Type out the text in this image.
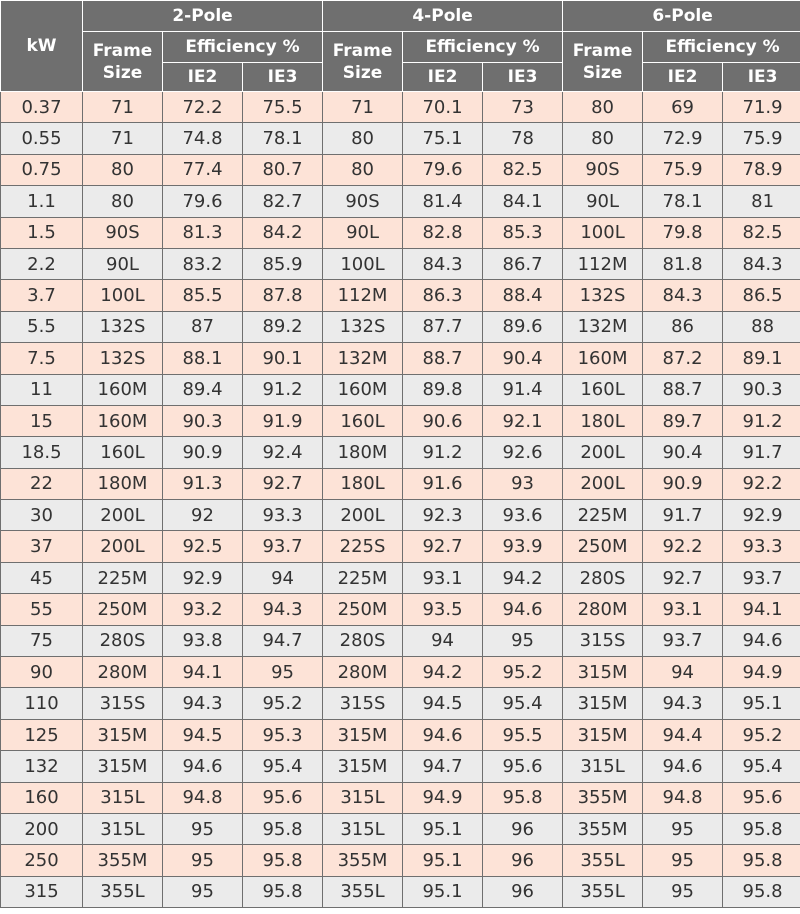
kW	2-Pole			4-Pole			6-Pole		
	Frame Size	Efficiency %		Frame Size	Efficiency %		Frame Size	Efficiency %	
		IE2	IE3		IE2	IE3		IE2	IE3
0.37	71	72.2	75.5	71	70.1	73	80	69	71.9
0.55	71	74.8	78.1	80	75.1	78	80	72.9	75.9
0.75	80	77.4	80.7	80	79.6	82.5	90S	75.9	78.9
1.1	80	79.6	82.7	90S	81.4	84.1	90L	78.1	81
1.5	90S	81.3	84.2	90L	82.8	85.3	100L	79.8	82.5
2.2	90L	83.2	85.9	100L	84.3	86.7	112M	81.8	84.3
3.7	100L	85.5	87.8	112M	86.3	88.4	132S	84.3	86.5
5.5	132S	87	89.2	132S	87.7	89.6	132M	86	88
7.5	132S	88.1	90.1	132M	88.7	90.4	160M	87.2	89.1
11	160M	89.4	91.2	160M	89.8	91.4	160L	88.7	90.3
15	160M	90.3	91.9	160L	90.6	92.1	180L	89.7	91.2
18.5	160L	90.9	92.4	180M	91.2	92.6	200L	90.4	91.7
22	180M	91.3	92.7	180L	91.6	93	200L	90.9	92.2
30	200L	92	93.3	200L	92.3	93.6	225M	91.7	92.9
37	200L	92.5	93.7	225S	92.7	93.9	250M	92.2	93.3
45	225M	92.9	94	225M	93.1	94.2	280S	92.7	93.7
55	250M	93.2	94.3	250M	93.5	94.6	280M	93.1	94.1
75	280S	93.8	94.7	280S	94	95	315S	93.7	94.6
90	280M	94.1	95	280M	94.2	95.2	315M	94	94.9
110	315S	94.3	95.2	315S	94.5	95.4	315M	94.3	95.1
125	315M	94.5	95.3	315M	94.6	95.5	315M	94.4	95.2
132	315M	94.6	95.4	315M	94.7	95.6	315L	94.6	95.4
160	315L	94.8	95.6	315L	94.9	95.8	355M	94.8	95.6
200	315L	95	95.8	315L	95.1	96	355M	95	95.8
250	355M	95	95.8	355M	95.1	96	355L	95	95.8
315	355L	95	95.8	355L	95.1	96	355L	95	95.8
